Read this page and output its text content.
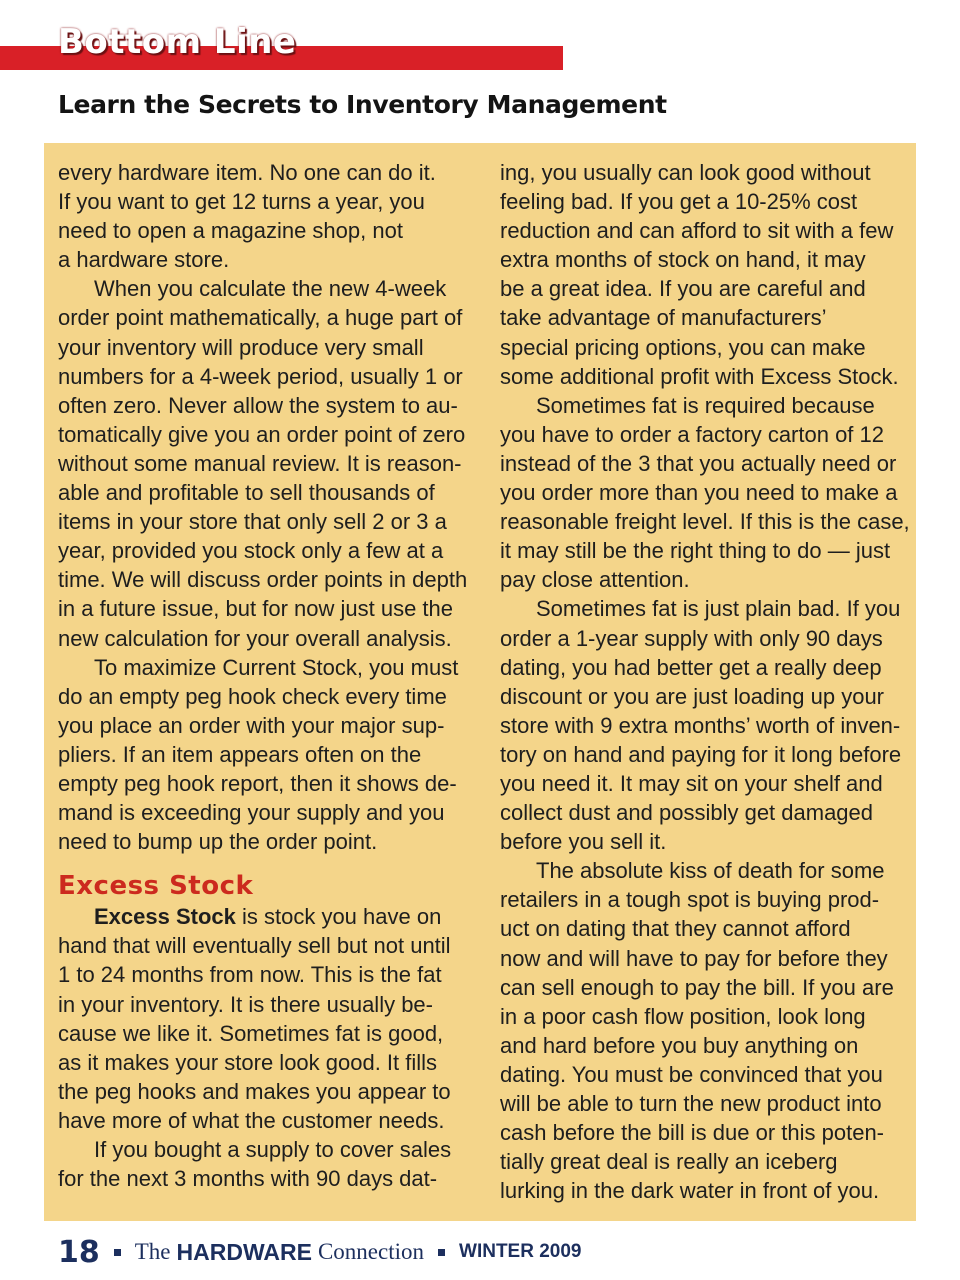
Bottom Line
Learn the Secrets to Inventory Management

every hardware item. No one can do it.
If you want to get 12 turns a year, you
need to open a magazine shop, not
a hardware store.

When you calculate the new 4-week
order point mathematically, a huge part of
your inventory will produce very small
numbers for a 4-week period, usually 1 or
often zero. Never allow the system to au-
tomatically give you an order point of zero
without some manual review. It is reason-
able and profitable to sell thousands of
items in your store that only sell 2 or 3 a
year, provided you stock only a few at a
time. We will discuss order points in depth
in a future issue, but for now just use the
new calculation for your overall analysis.

To maximize Current Stock, you must
do an empty peg hook check every time
you place an order with your major sup-
pliers. If an item appears often on the
empty peg hook report, then it shows de-
mand is exceeding your supply and you
need to bump up the order point.

Excess Stock

Excess Stock is stock you have on
hand that will eventually sell but not until
1 to 24 months from now. This is the fat
in your inventory. It is there usually be-
cause we like it. Sometimes fat is good,
as it makes your store look good. It fills
the peg hooks and makes you appear to
have more of what the customer needs.

If you bought a supply to cover sales
for the next 3 months with 90 days dat-

ing, you usually can look good without
feeling bad. If you get a 10-25% cost
reduction and can afford to sit with a few
extra months of stock on hand, it may
be a great idea. If you are careful and
take advantage of manufacturers’
special pricing options, you can make
some additional profit with Excess Stock.

Sometimes fat is required because
you have to order a factory carton of 12
instead of the 3 that you actually need or
you order more than you need to make a
reasonable freight level. If this is the case,
it may still be the right thing to do — just
pay close attention.

Sometimes fat is just plain bad. If you
order a 1-year supply with only 90 days
dating, you had better get a really deep
discount or you are just loading up your
store with 9 extra months’ worth of inven-
tory on hand and paying for it long before
you need it. It may sit on your shelf and
collect dust and possibly get damaged
before you sell it.

The absolute kiss of death for some
retailers in a tough spot is buying prod-
uct on dating that they cannot afford
now and will have to pay for before they
can sell enough to pay the bill. If you are
in a poor cash flow position, look long
and hard before you buy anything on
dating. You must be convinced that you
will be able to turn the new product into
cash before the bill is due or this poten-
tially great deal is really an iceberg
lurking in the dark water in front of you.

18 The HARDWARE Connection WINTER 2009
